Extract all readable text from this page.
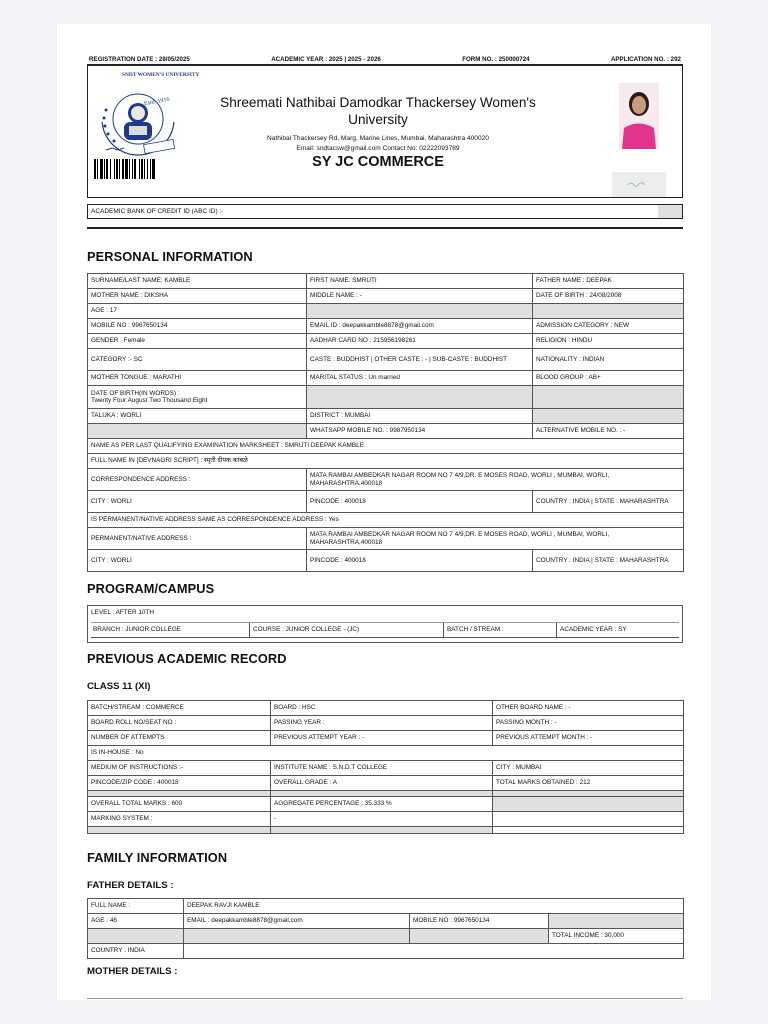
REGISTRATION DATE : 28/05/2025	ACADEMIC YEAR : 2025 | 2025 - 2026	FORM NO. : 250000724	APPLICATION NO. : 292
Estd. 1916
SNDT WOMEN'S UNIVERSITY
Shreemati Nathibai Damodkar Thackersey Women's University
Nathibai Thackersey Rd, Marg, Marine Lines, Mumbai, Maharashtra 400020
Email: sndtacsw@gmail.com Contact No: 02222093789
SY JC COMMERCE
ACADEMIC BANK OF CREDIT ID (ABC ID) :-
PERSONAL INFORMATION
SURNAME/LAST NAME: KAMBLE	FIRST NAME: SMRUTI	FATHER NAME : DEEPAK
MOTHER NAME : DIKSHA	MIDDLE NAME : -	DATE OF BIRTH : 24/08/2008
AGE : 17		
MOBILE NO : 9967650134	EMAIL ID : deepakkamble8878@gmail.com	ADMISSION CATEGORY : NEW
GENDER : Female	AADHAR CARD NO : 215956198261	RELIGION : HINDU
CATEGORY :- SC	CASTE : BUDDHIST | OTHER CASTE : - | SUB-CASTE : BUDDHIST	NATIONALITY : INDIAN
MOTHER TONGUE : MARATHI	MARITAL STATUS : Un married	BLOOD GROUP : AB+

DATE OF BIRTH(IN WORDS) :
Twenty Four August Two Thousand Eight		

TALUKA : WORLI	DISTRICT : MUMBAI	
	WHATSAPP MOBILE NO. : 9987950134	ALTERNATIVE MOBILE NO. : -
NAME AS PER LAST QUALIFYING EXAMINATION MARKSHEET : SMRUTI DEEPAK KAMBLE		
FULL NAME IN [DEVNAGRI SCRIPT] : स्मृती दीपक कांबळे		
CORRESPONDENCE ADDRESS :	MATA RAMBAI AMBEDKAR NAGAR ROOM NO 7 4/9,DR. E MOSES ROAD, WORLI , MUMBAI, WORLI, MAHARASHTRA,400018	
CITY : WORLI	PINCODE : 400018	COUNTRY : INDIA | STATE : MAHARASHTRA
IS PERMANENT/NATIVE ADDRESS SAME AS CORRESPONDENCE ADDRESS : Yes		
PERMANENT/NATIVE ADDRESS :	MATA RAMBAI AMBEDKAR NAGAR ROOM NO 7 4/9,DR. E MOSES ROAD, WORLI , MUMBAI, WORLI, MAHARASHTRA,400018	
CITY : WORLI	PINCODE : 400018	COUNTRY : INDIA | STATE : MAHARASHTRA
PROGRAM/CAMPUS
LEVEL : AFTER 10TH
BRANCH : JUNIOR COLLEGE	COURSE : JUNIOR COLLEGE - (JC)	BATCH / STREAM :	ACADEMIC YEAR : SY
PREVIOUS ACADEMIC RECORD
CLASS 11 (XI)
BATCH/STREAM : COMMERCE	BOARD : HSC	OTHER BOARD NAME : -
BOARD ROLL NO/SEAT NO :	PASSING YEAR :	PASSING MONTH : -
NUMBER OF ATTEMPTS :	PREVIOUS ATTEMPT YEAR : -	PREVIOUS ATTEMPT MONTH : -
IS IN-HOUSE : No		
MEDIUM OF INSTRUCTIONS :-	INSTITUTE NAME : S.N.D.T COLLEGE	CITY : MUMBAI
PINCODE/ZIP CODE : 400018	OVERALL GRADE : A	TOTAL MARKS OBTAINED : 212

OVERALL TOTAL MARKS : 600	AGGREGATE PERCENTAGE : 35.333 %	
MARKING SYSTEM :	-	

FAMILY INFORMATION
FATHER DETAILS :
FULL NAME :	DEEPAK RAVJI KAMBLE		
AGE : 46	EMAIL : deepakkamble8878@gmail.com	MOBILE NO : 9967650134	
			TOTAL INCOME : 30,000
COUNTRY : INDIA			
MOTHER DETAILS :
